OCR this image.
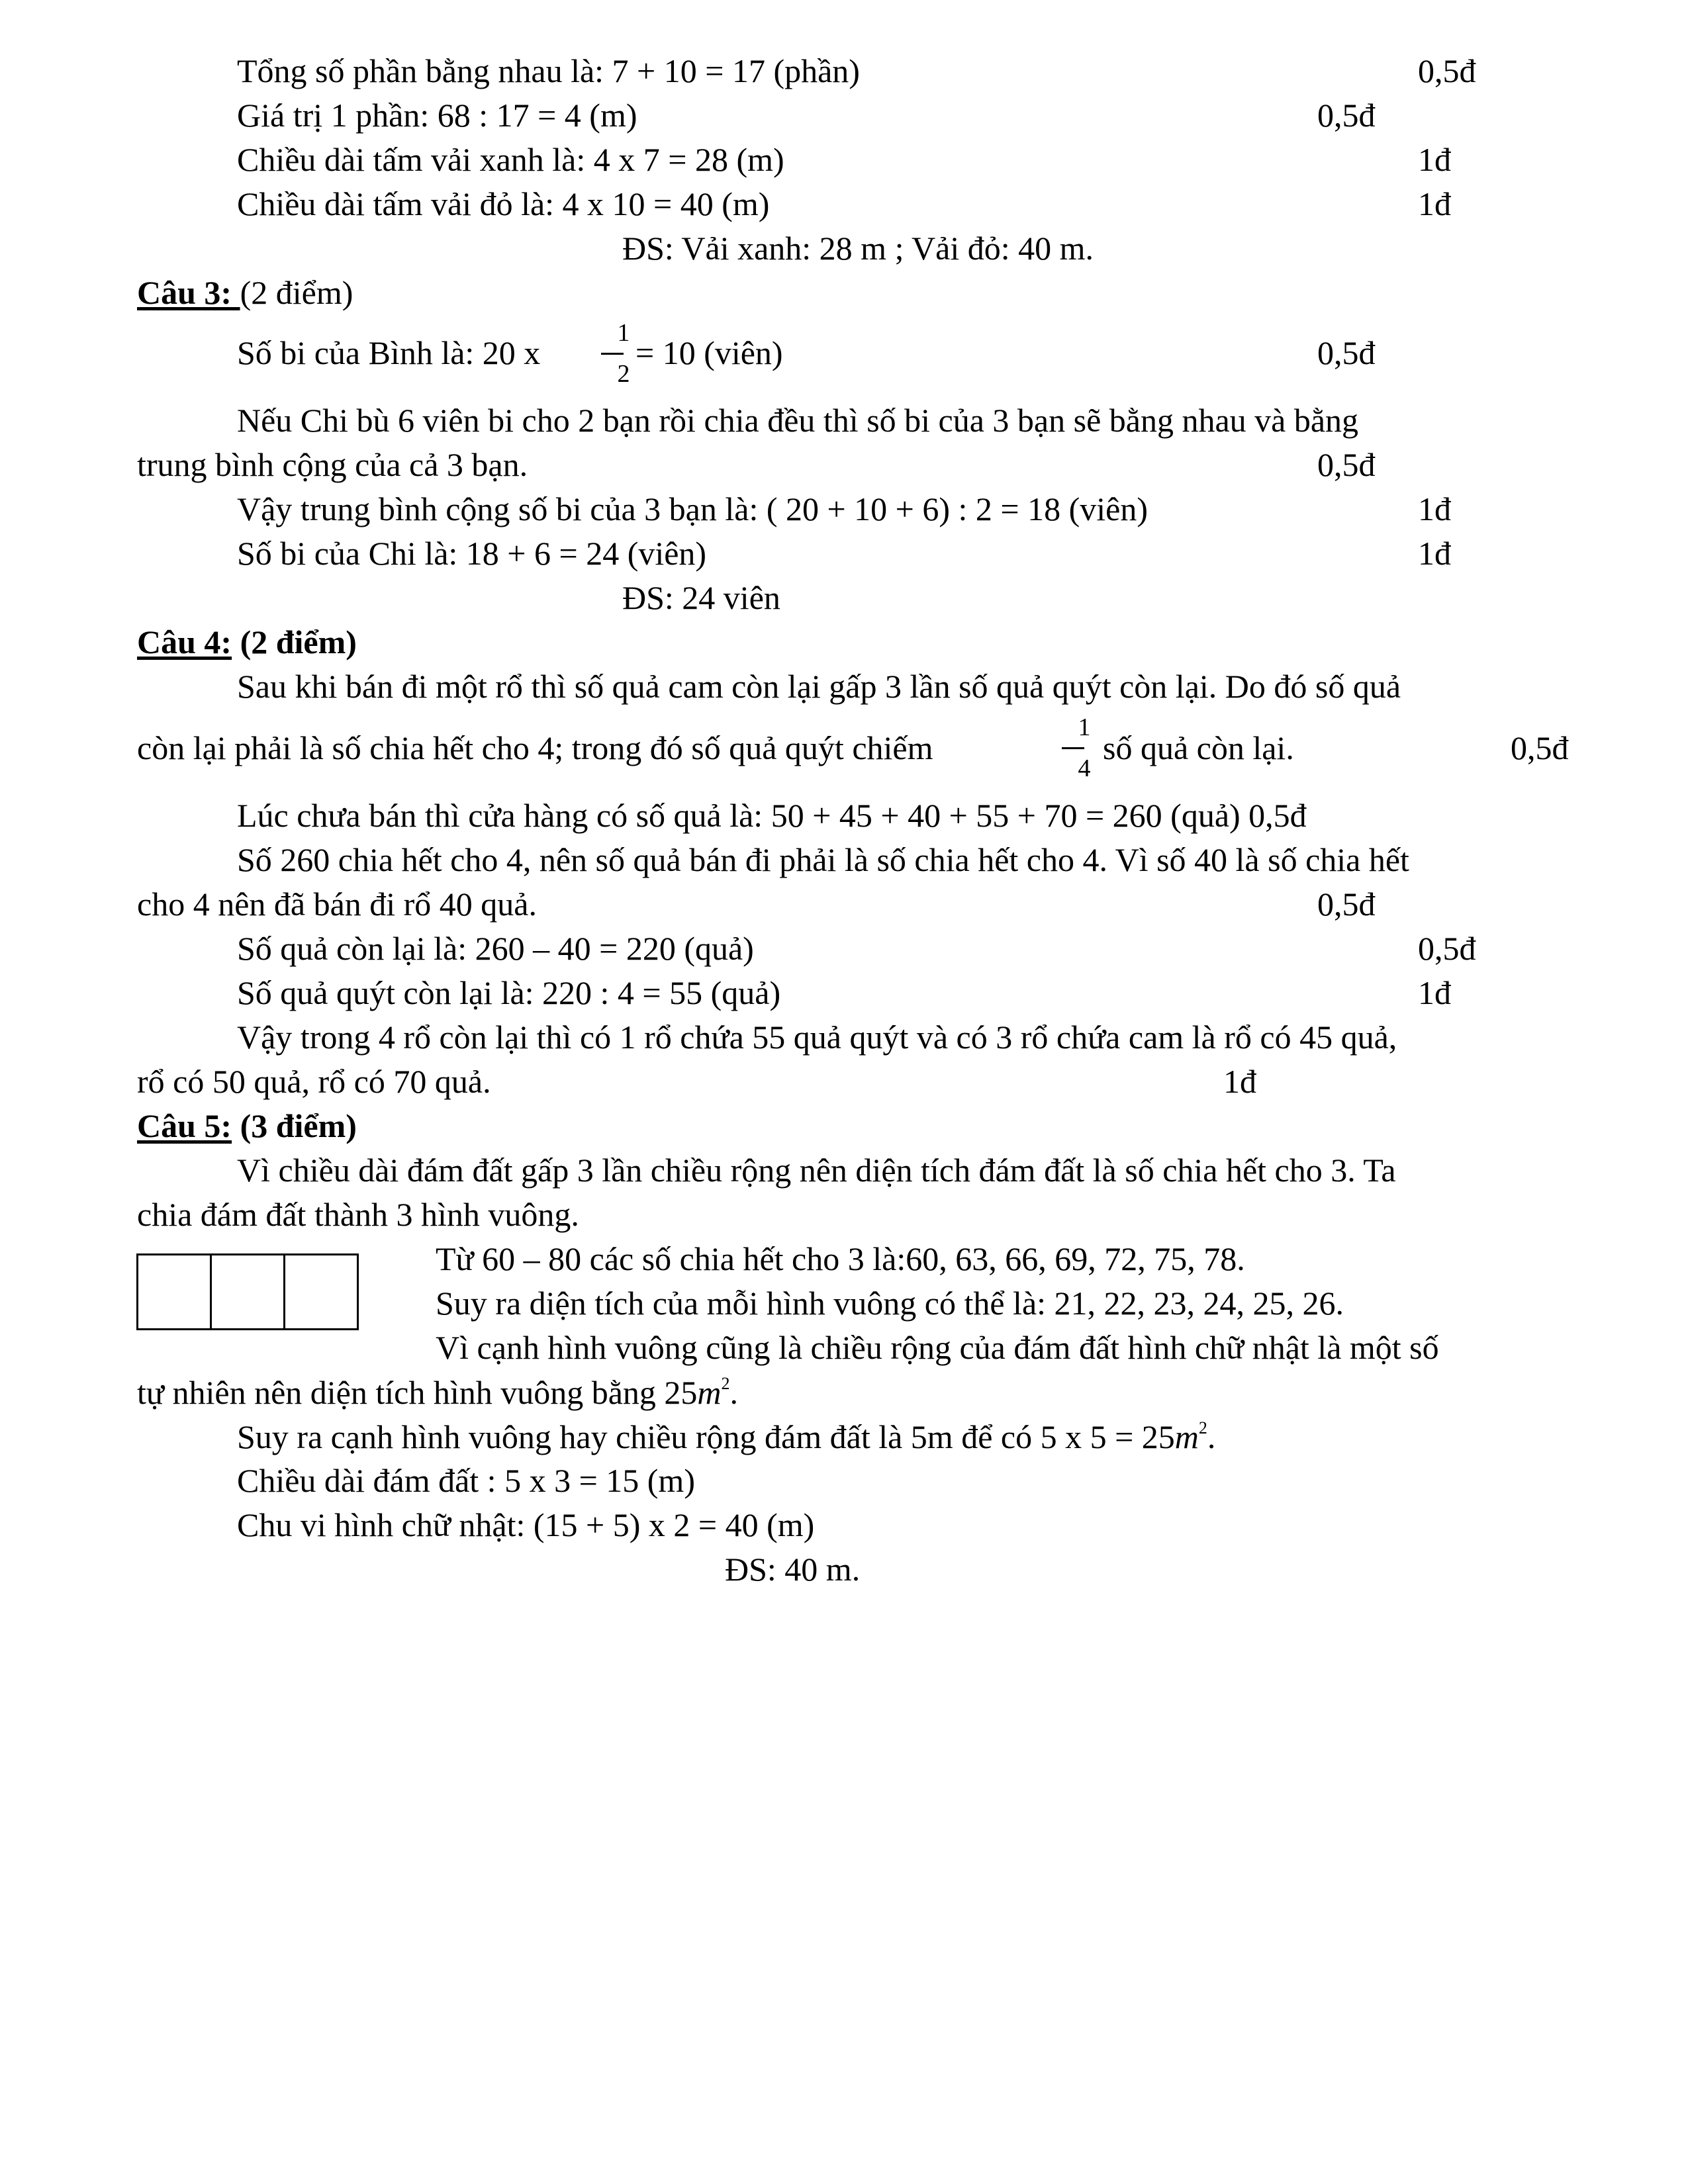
Tổng số phần bằng nhau là: 7 + 10 = 17 (phần)	0,5đ
Giá trị 1 phần: 68 : 17 = 4 (m)	0,5đ
Chiều dài tấm vải xanh là: 4 x 7 = 28 (m)	1đ
Chiều dài tấm vải đỏ là: 4 x 10 = 40 (m)	1đ
ĐS: Vải xanh: 28 m ; Vải đỏ: 40 m.
Câu 3: (2 điểm)
Số bi của Bình là: 20 x
1
2
= 10 (viên)	0,5đ
Nếu Chi bù 6 viên bi cho 2 bạn rồi chia đều thì số bi của 3 bạn sẽ bằng nhau và bằng
trung bình cộng của cả 3 bạn.	0,5đ
Vậy trung bình cộng số bi của 3 bạn là: ( 20 + 10 + 6) : 2 = 18 (viên)	1đ
Số bi của Chi là: 18 + 6 = 24 (viên)	1đ
ĐS: 24 viên
Câu 4: (2 điểm)
Sau khi bán đi một rổ thì số quả cam còn lại gấp 3 lần số quả quýt còn lại. Do đó số quả
còn lại phải là số chia hết cho 4; trong đó số quả quýt chiếm
1
4
số quả còn lại.	0,5đ
Lúc chưa bán thì cửa hàng có số quả là: 50 + 45 + 40 + 55 + 70 = 260 (quả) 0,5đ
Số 260 chia hết cho 4, nên số quả bán đi phải là số chia hết cho 4. Vì số 40 là số chia hết
cho 4 nên đã bán đi rổ 40 quả.	0,5đ
Số quả còn lại là: 260 – 40 = 220 (quả)	0,5đ
Số quả quýt còn lại là: 220 : 4 = 55 (quả)	1đ
Vậy trong 4 rổ còn lại thì có 1 rổ chứa 55 quả quýt và có 3 rổ chứa cam là rổ có 45 quả,
rổ có 50 quả, rổ có 70 quả.	1đ
Câu 5: (3 điểm)
Vì chiều dài đám đất gấp 3 lần chiều rộng nên diện tích đám đất là số chia hết cho 3. Ta
chia đám đất thành 3 hình vuông.
Từ 60 – 80 các số chia hết cho 3 là:60, 63, 66, 69, 72, 75, 78.
Suy ra diện tích của mỗi hình vuông có thể là: 21, 22, 23, 24, 25, 26.
Vì cạnh hình vuông cũng là chiều rộng của đám đất hình chữ nhật là một số
tự nhiên nên diện tích hình vuông bằng $25m^2$.
Suy ra cạnh hình vuông hay chiều rộng đám đất là 5m để có 5 x $5 = 25m^2$.
Chiều dài đám đất : 5 x 3 = 15 (m)
Chu vi hình chữ nhật: (15 + 5) x 2 = 40 (m)
ĐS: 40 m.
